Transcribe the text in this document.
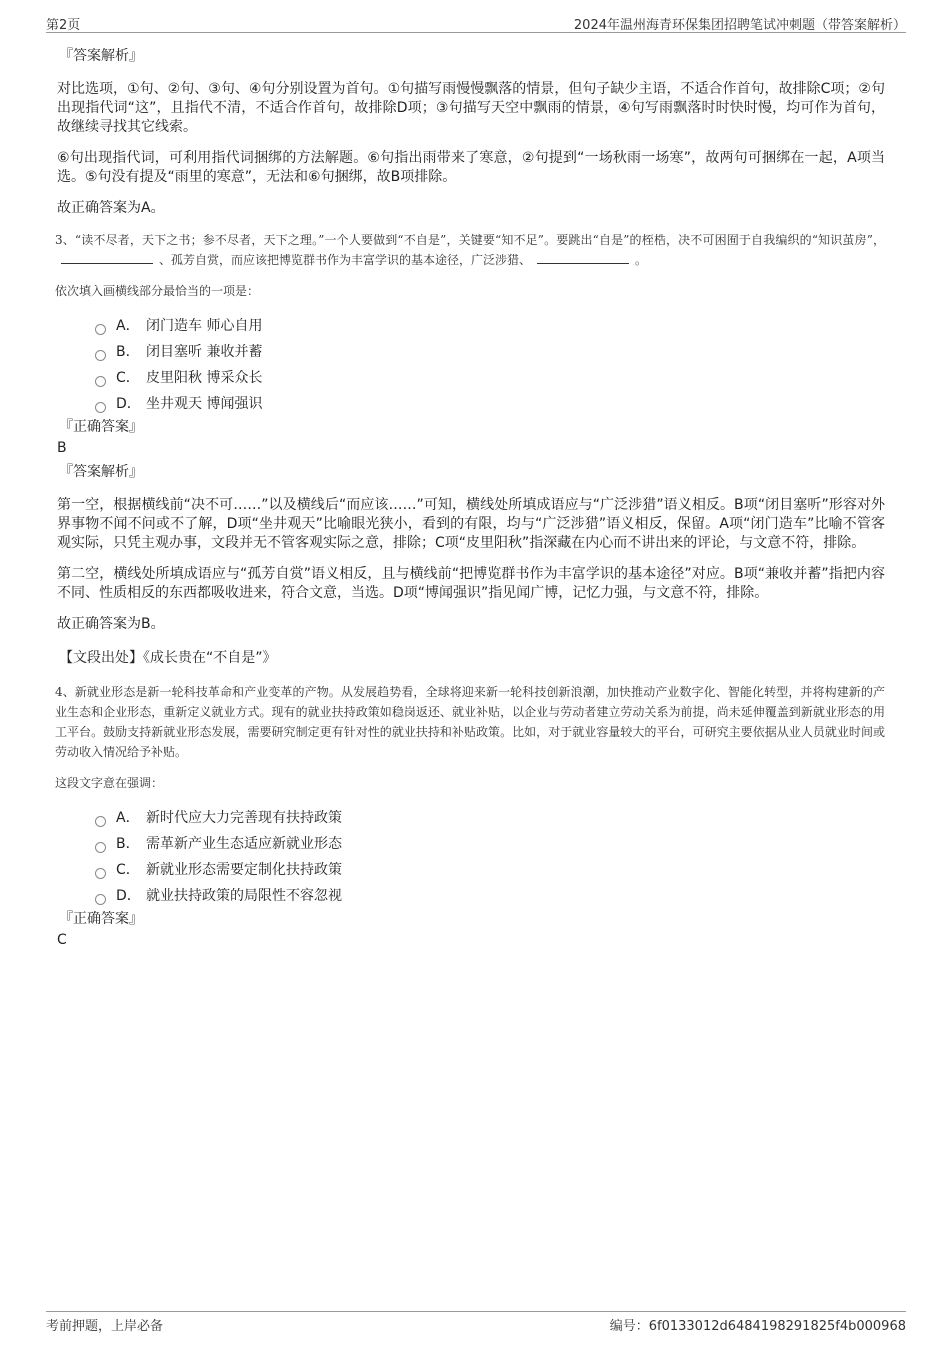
第2页	2024年温州海青环保集团招聘笔试冲刺题（带答案解析）
『答案解析』

对比选项，①句、②句、③句、④句分别设置为首句。①句描写雨慢慢飘落的情景，但句子缺少主语，不适合作首句，故排除C项；②句出现指代词“这”，且指代不清，不适合作首句，故排除D项；③句描写天空中飘雨的情景，④句写雨飘落时时快时慢，均可作为首句，故继续寻找其它线索。

⑥句出现指代词，可利用指代词捆绑的方法解题。⑥句指出雨带来了寒意，②句提到“一场秋雨一场寒”，故两句可捆绑在一起，A项当选。⑤句没有提及“雨里的寒意”，无法和⑥句捆绑，故B项排除。

故正确答案为A。

3、“读不尽者，天下之书；参不尽者，天下之理。”一个人要做到“不自是”，关键要“知不足”。要跳出“自是”的桎梏，决不可困囿于自我编织的“知识茧房”，、孤芳自赏，而应该把博览群书作为丰富学识的基本途径，广泛涉猎、	。

依次填入画横线部分最恰当的一项是：

A． 闭门造车 师心自用
B． 闭目塞听 兼收并蓄
C． 皮里阳秋 博采众长
D． 坐井观天 博闻强识
『正确答案』
B
『答案解析』

第一空，根据横线前“决不可……”以及横线后“而应该……”可知，横线处所填成语应与“广泛涉猎”语义相反。B项“闭目塞听”形容对外界事物不闻不问或不了解，D项“坐井观天”比喻眼光狭小，看到的有限，均与“广泛涉猎”语义相反，保留。A项“闭门造车”比喻不管客观实际，只凭主观办事，文段并无不管客观实际之意，排除；C项“皮里阳秋”指深藏在内心而不讲出来的评论，与文意不符，排除。

第二空，横线处所填成语应与“孤芳自赏”语义相反，且与横线前“把博览群书作为丰富学识的基本途径”对应。B项“兼收并蓄”指把内容不同、性质相反的东西都吸收进来，符合文意，当选。D项“博闻强识”指见闻广博，记忆力强，与文意不符，排除。

故正确答案为B。

【文段出处】《成长贵在“不自是”》

4、新就业形态是新一轮科技革命和产业变革的产物。从发展趋势看，全球将迎来新一轮科技创新浪潮，加快推动产业数字化、智能化转型，并将构建新的产业生态和企业形态，重新定义就业方式。现有的就业扶持政策如稳岗返还、就业补贴，以企业与劳动者建立劳动关系为前提，尚未延伸覆盖到新就业形态的用工平台。鼓励支持新就业形态发展，需要研究制定更有针对性的就业扶持和补贴政策。比如，对于就业容量较大的平台，可研究主要依据从业人员就业时间或劳动收入情况给予补贴。

这段文字意在强调：

A． 新时代应大力完善现有扶持政策
B． 需革新产业生态适应新就业形态
C． 新就业形态需要定制化扶持政策
D． 就业扶持政策的局限性不容忽视
『正确答案』
C
考前押题，上岸必备	编号：6f0133012d6484198291825f4b000968
